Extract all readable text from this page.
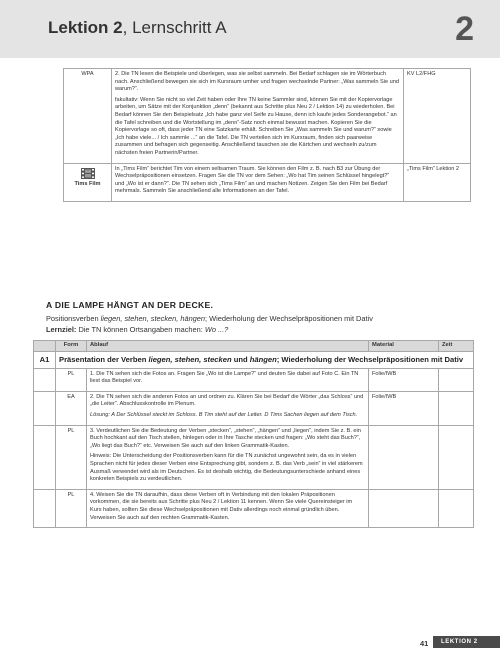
Lektion 2, Lernschritt A	2
WPA	2. Die TN lesen die Beispiele und überlegen, was sie selbst sammeln. Bei Bedarf schlagen sie im Wörterbuch nach. Anschließend bewegen sie sich im Kursraum umher und fragen wechselnde Partner: „Was sammeln Sie und warum?“.

fakultativ: Wenn Sie nicht so viel Zeit haben oder Ihre TN keine Sammler sind, können Sie mit der Kopiervorlage arbeiten, um Sätze mit der Konjunktion „denn“ (bekannt aus Schritte plus Neu 2 / Lektion 14) zu wiederholen. Bei Bedarf können Sie den Beispielsatz „Ich habe ganz viel Seife zu Hause, denn ich kaufe jedes Sonderangebot.“ an die Tafel schreiben und die Wortstellung im „denn“-Satz noch einmal bewusst machen. Kopieren Sie die Kopiervorlage so oft, dass jeder TN eine Satzkarte erhält. Schreiben Sie „Was sammeln Sie und warum?“ sowie „Ich habe viele... / Ich sammle ...“ an die Tafel. Die TN verteilen sich im Kursraum, finden sich paarweise zusammen und befragen sich gegenseitig. Anschließend tauschen sie die Kärtchen und wechseln zu/zum nächsten freien Partnerin/Partner.	KV L2/FHG

Tims Film	In „Tims Film“ berichtet Tim von einem seltsamen Traum. Sie können den Film z. B. nach B3 zur Übung der Wechselpräpositionen einsetzen. Fragen Sie die TN vor dem Sehen: „Wo hat Tim seinen Schlüssel hingelegt?“ und „Wo ist er dann?“. Die TN sehen sich „Tims Film“ an und machen Notizen. Zeigen Sie den Film bei Bedarf mehrmals. Sammeln Sie anschließend alle Informationen an der Tafel.	„Tims Film“ Lektion 2
A DIE LAMPE HÄNGT AN DER DECKE.
Positionsverben liegen, stehen, stecken, hängen; Wiederholung der Wechselpräpositionen mit Dativ
Lernziel: Die TN können Ortsangaben machen: Wo ...?
	Form	Ablauf	Material	Zeit
A1	Präsentation der Verben liegen, stehen, stecken und hängen; Wiederholung der Wechselpräpositionen mit Dativ			
	PL	1. Die TN sehen sich die Fotos an. Fragen Sie „Wo ist die Lampe?“ und deuten Sie dabei auf Foto C. Ein TN liest das Beispiel vor.	Folie/IWB	
	EA	2. Die TN sehen sich die anderen Fotos an und ordnen zu. Klären Sie bei Bedarf die Wörter „das Schloss“ und „die Leiter“. Abschlusskontrolle im Plenum.

Lösung: A Der Schlüssel steckt im Schloss. B Tim steht auf der Leiter. D Tims Sachen liegen auf dem Tisch.	Folie/IWB	
	PL	3. Verdeutlichen Sie die Bedeutung der Verben „stecken“, „stehen“, „hängen“ und „liegen“, indem Sie z. B. ein Buch hochkant auf den Tisch stellen, hinlegen oder in Ihre Tasche stecken und fragen: „Wo steht das Buch?“, „Wo liegt das Buch?“ etc. Verweisen Sie auch auf den linken Grammatik-Kasten.

Hinweis: Die Unterscheidung der Positionsverben kann für die TN zunächst ungewohnt sein, da es in vielen Sprachen nicht für jedes dieser Verben eine Entsprechung gibt, sondern z. B. das Verb „sein“ in viel stärkerem Ausmaß verwendet wird als im Deutschen. Es ist deshalb wichtig, die Bedeutungsunterschiede anhand eines konkreten Beispiels zu verdeutlichen.		

	PL	4. Weisen Sie die TN daraufhin, dass diese Verben oft in Verbindung mit den lokalen Präpositionen vorkommen, die sie bereits aus Schritte plus Neu 2 / Lektion 11 kennen. Wenn Sie viele Quereinsteiger im Kurs haben, sollten Sie diese Wechselpräpositionen mit Dativ allerdings noch einmal gründlich üben. Verweisen Sie auch auf den rechten Grammatik-Kasten.		

41	LEKTION 2
